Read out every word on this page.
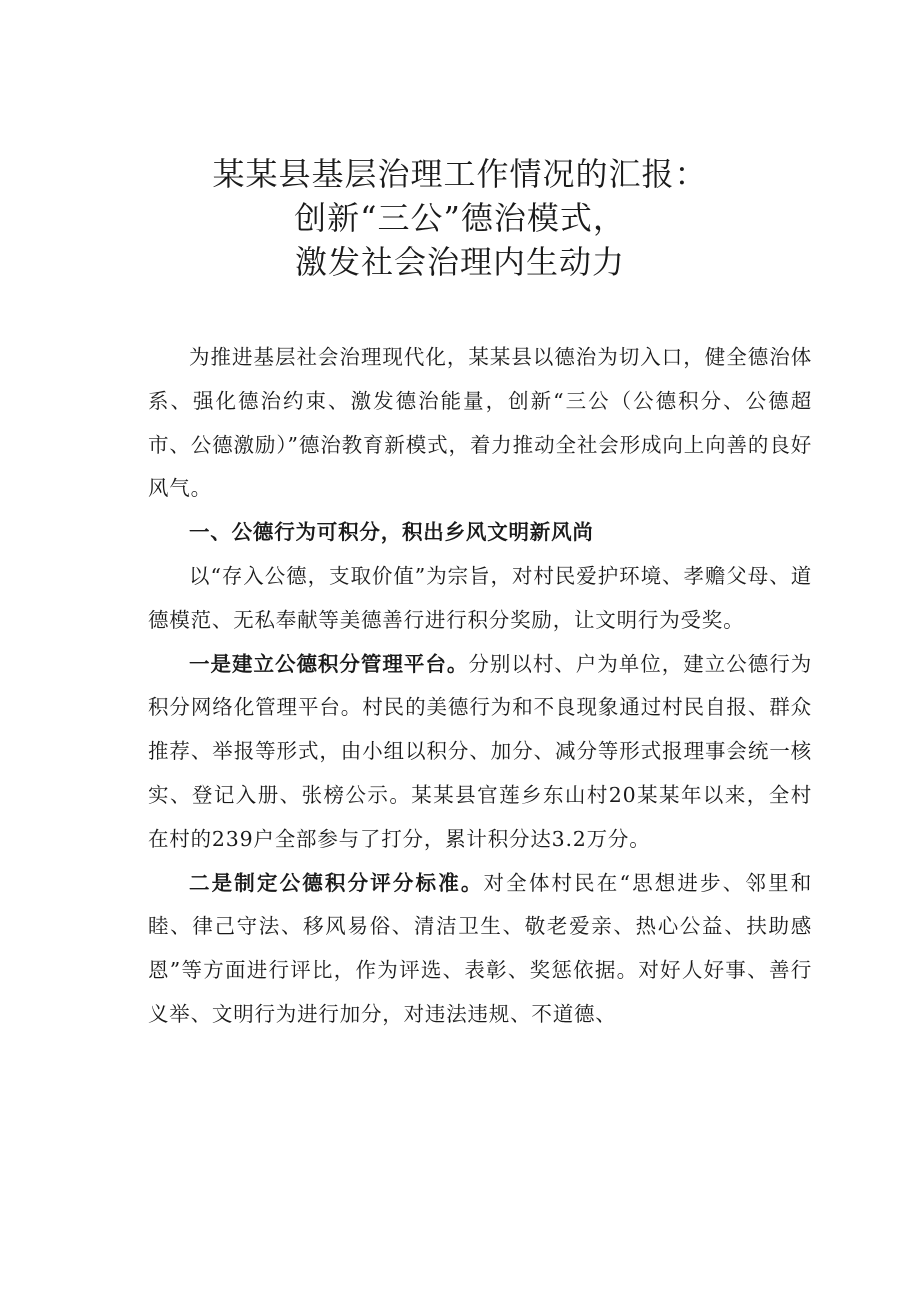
某某县基层治理工作情况的汇报：
创新“三公”德治模式，
激发社会治理内生动力

为推进基层社会治理现代化，某某县以德治为切入口，健全德治体系、强化德治约束、激发德治能量，创新“三公（公德积分、公德超市、公德激励）”德治教育新模式，着力推动全社会形成向上向善的良好风气。

一、公德行为可积分，积出乡风文明新风尚

以“存入公德，支取价值”为宗旨，对村民爱护环境、孝赡父母、道德模范、无私奉献等美德善行进行积分奖励，让文明行为受奖。

一是建立公德积分管理平台。分别以村、户为单位，建立公德行为积分网络化管理平台。村民的美德行为和不良现象通过村民自报、群众推荐、举报等形式，由小组以积分、加分、减分等形式报理事会统一核实、登记入册、张榜公示。某某县官莲乡东山村20某某年以来，全村在村的239户全部参与了打分，累计积分达3.2万分。

二是制定公德积分评分标准。对全体村民在“思想进步、邻里和睦、律己守法、移风易俗、清洁卫生、敬老爱亲、热心公益、扶助感恩”等方面进行评比，作为评选、表彰、奖惩依据。对好人好事、善行义举、文明行为进行加分，对违法违规、不道德、
